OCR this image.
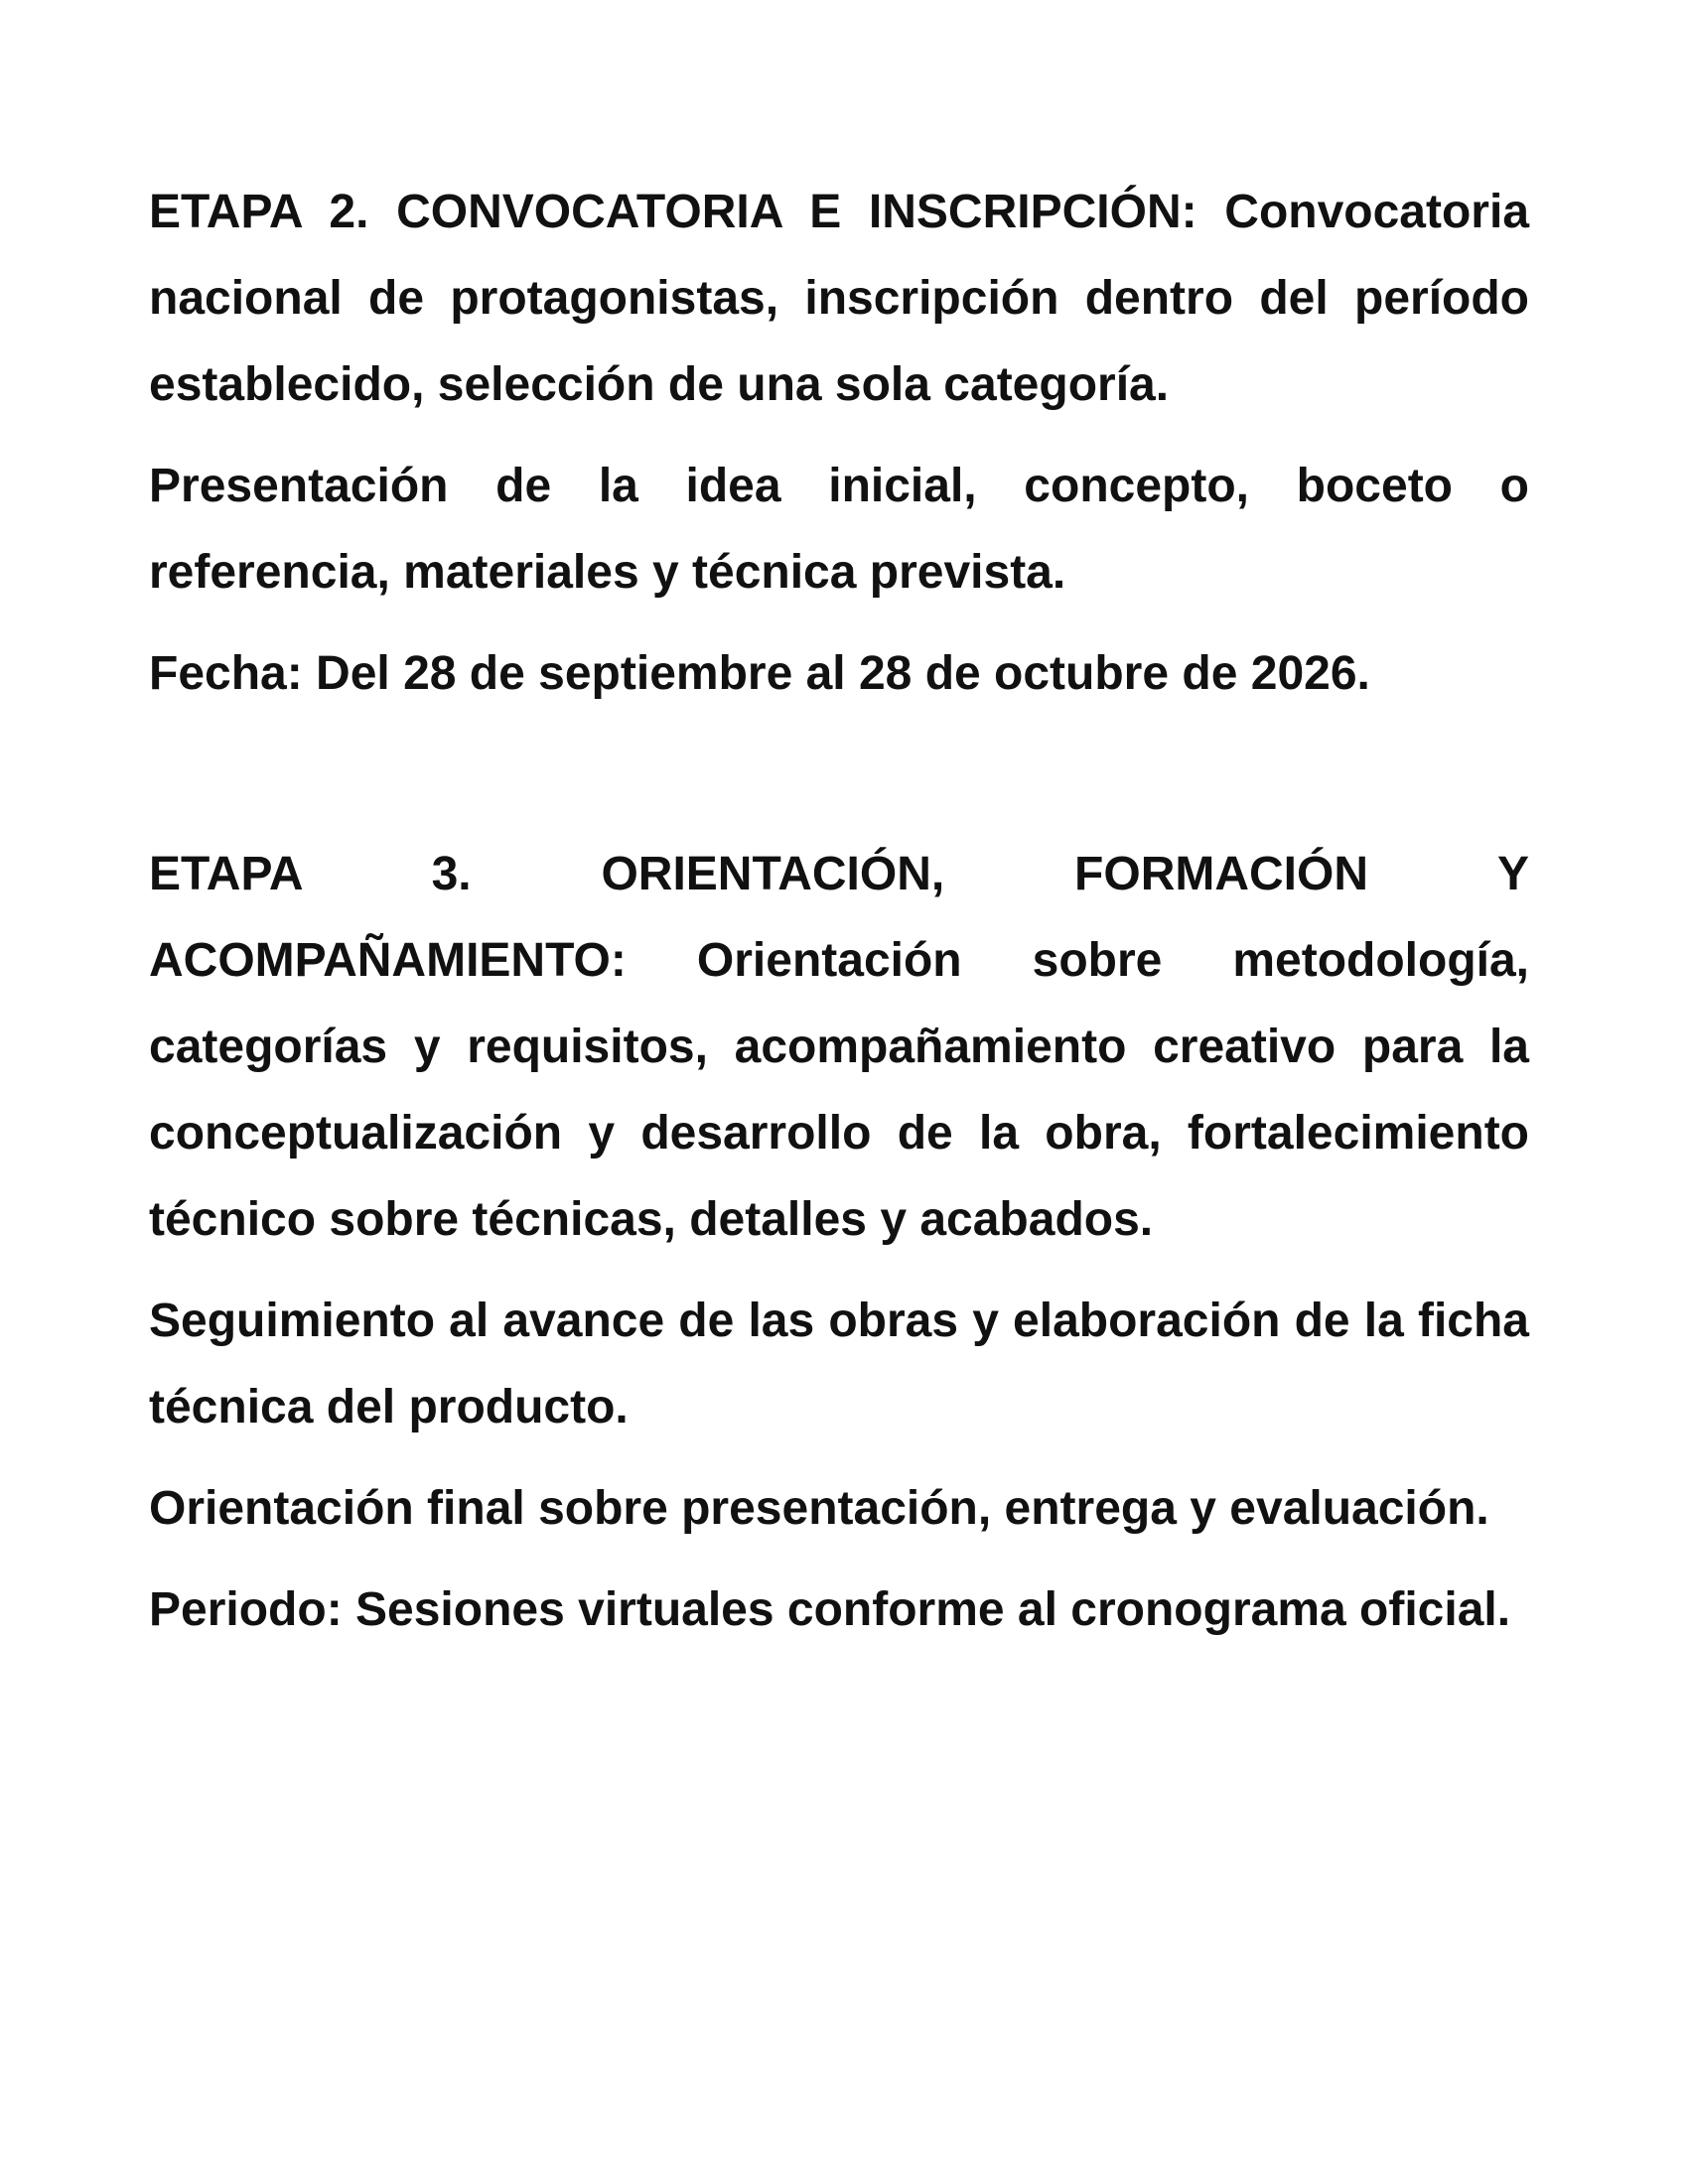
ETAPA 2. CONVOCATORIA E INSCRIPCIÓN: Convocatoria nacional de protagonistas, inscripción dentro del período establecido, selección de una sola categoría.

Presentación de la idea inicial, concepto, boceto o referencia, materiales y técnica prevista.

Fecha: Del 28 de septiembre al 28 de octubre de 2026.

ETAPA 3. ORIENTACIÓN, FORMACIÓN Y ACOMPAÑAMIENTO: Orientación sobre metodología, categorías y requisitos, acompañamiento creativo para la conceptualización y desarrollo de la obra, fortalecimiento técnico sobre técnicas, detalles y acabados.

Seguimiento al avance de las obras y elaboración de la ficha técnica del producto.

Orientación final sobre presentación, entrega y evaluación.

Periodo: Sesiones virtuales conforme al cronograma oficial.
